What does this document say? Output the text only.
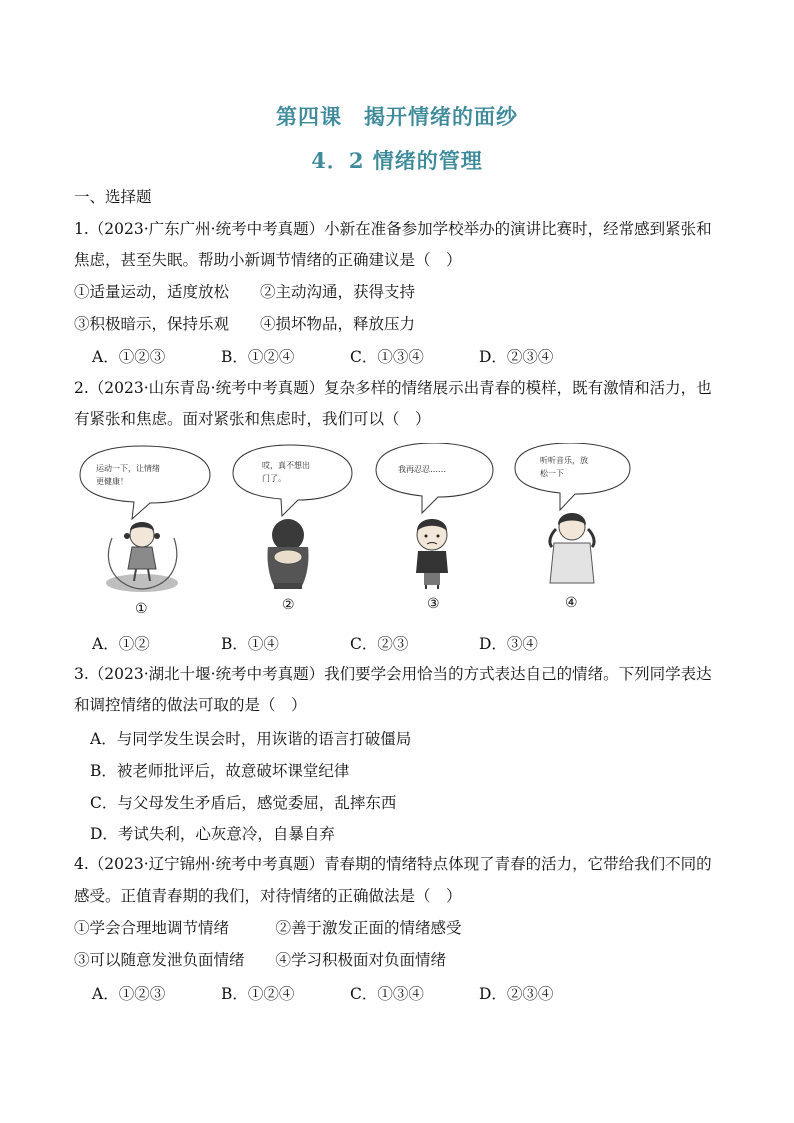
第四课　揭开情绪的面纱
4．2 情绪的管理
一、选择题
1.（2023·广东广州·统考中考真题）小新在准备参加学校举办的演讲比赛时，经常感到紧张和
焦虑，甚至失眠。帮助小新调节情绪的正确建议是（　）
①适量运动，适度放松　　②主动沟通，获得支持
③积极暗示，保持乐观　　④损坏物品，释放压力
A．①②③	B．①②④	C．①③④	D．②③④
2.（2023·山东青岛·统考中考真题）复杂多样的情绪展示出青春的模样，既有激情和活力，也
有紧张和焦虑。面对紧张和焦虑时，我们可以（　）
运动一下，让情绪
更健康！
哎，真不想出
门了。
我再忍忍……
听听音乐，放
松一下
①	②	③	④
A．①②	B．①④	C．②③	D．③④
3.（2023·湖北十堰·统考中考真题）我们要学会用恰当的方式表达自己的情绪。下列同学表达
和调控情绪的做法可取的是（　）
A．与同学发生误会时，用诙谐的语言打破僵局
B．被老师批评后，故意破坏课堂纪律
C．与父母发生矛盾后，感觉委屈，乱摔东西
D．考试失利，心灰意冷，自暴自弃
4.（2023·辽宁锦州·统考中考真题）青春期的情绪特点体现了青春的活力，它带给我们不同的
感受。正值青春期的我们，对待情绪的正确做法是（　）
①学会合理地调节情绪　　　②善于激发正面的情绪感受
③可以随意发泄负面情绪　　④学习积极面对负面情绪
A．①②③	B．①②④	C．①③④	D．②③④
